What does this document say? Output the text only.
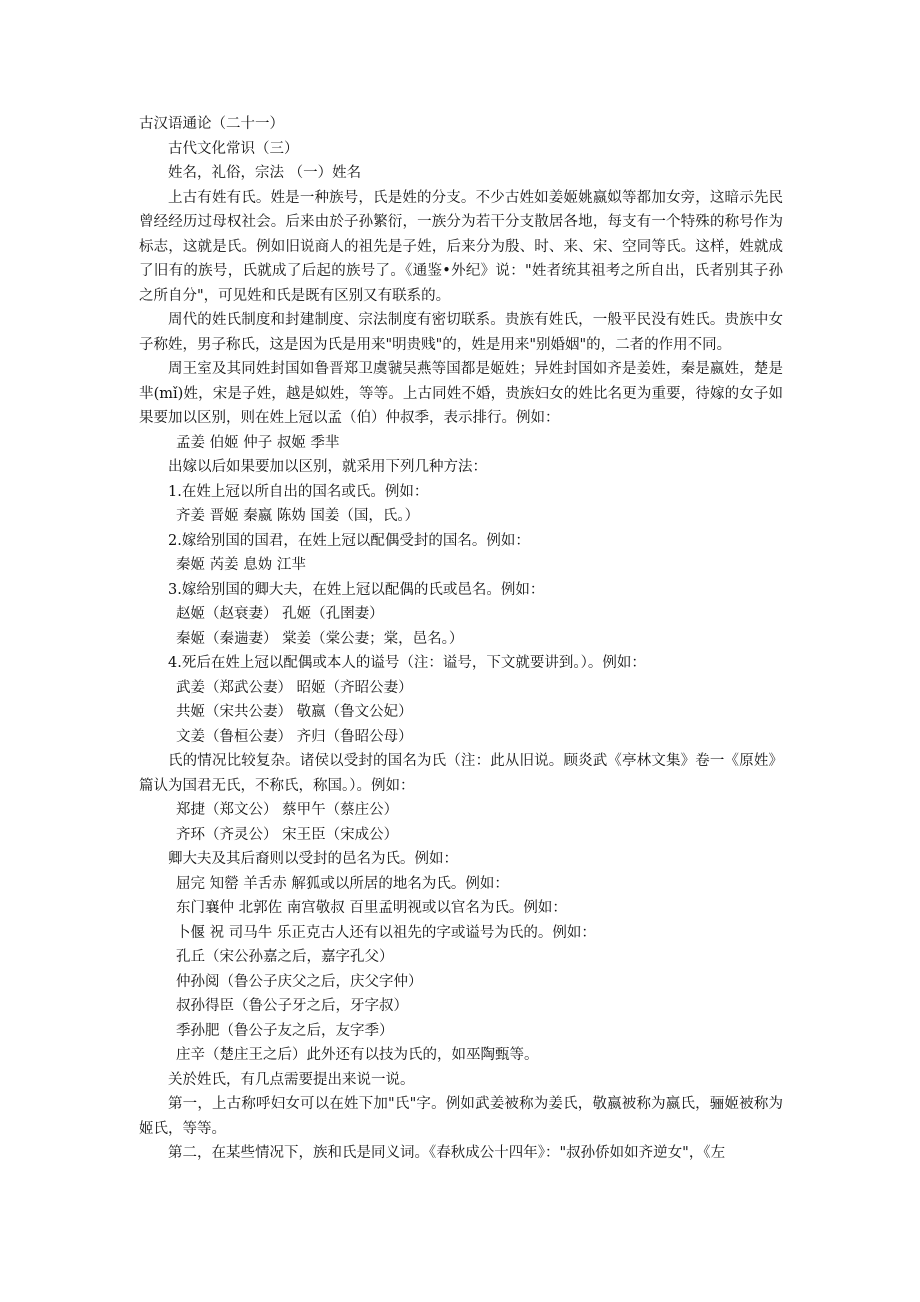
古汉语通论（二十一）
古代文化常识（三）
姓名，礼俗，宗法 （一）姓名
上古有姓有氏。姓是一种族号，氏是姓的分支。不少古姓如姜姬姚嬴姒等都加女旁，这暗示先民曾经经历过母权社会。后来由於子孙繁衍，一族分为若干分支散居各地，每支有一个特殊的称号作为标志，这就是氏。例如旧说商人的祖先是子姓，后来分为殷、时、来、宋、空同等氏。这样，姓就成了旧有的族号，氏就成了后起的族号了。《通鉴•外纪》说："姓者统其祖考之所自出，氏者别其子孙之所自分"，可见姓和氏是既有区别又有联系的。
周代的姓氏制度和封建制度、宗法制度有密切联系。贵族有姓氏，一般平民没有姓氏。贵族中女子称姓，男子称氏，这是因为氏是用来"明贵贱"的，姓是用来"别婚姻"的，二者的作用不同。
周王室及其同姓封国如鲁晋郑卫虞虢吴燕等国都是姬姓；异姓封国如齐是姜姓，秦是嬴姓，楚是芈(mǐ)姓，宋是子姓，越是姒姓，等等。上古同姓不婚，贵族妇女的姓比名更为重要，待嫁的女子如果要加以区别，则在姓上冠以孟（伯）仲叔季，表示排行。例如：
孟姜 伯姬 仲子 叔姬 季芈
出嫁以后如果要加以区别，就采用下列几种方法：
1.在姓上冠以所自出的国名或氏。例如：
齐姜 晋姬 秦嬴 陈妫 国姜（国，氏。）
2.嫁给别国的国君，在姓上冠以配偶受封的国名。例如：
秦姬 芮姜 息妫 江芈
3.嫁给别国的卿大夫，在姓上冠以配偶的氏或邑名。例如：
赵姬（赵衰妻） 孔姬（孔圉妻）
秦姬（秦遄妻） 棠姜（棠公妻；棠，邑名。）
4.死后在姓上冠以配偶或本人的谥号（注：谥号，下文就要讲到。）。例如：
武姜（郑武公妻） 昭姬（齐昭公妻）
共姬（宋共公妻） 敬嬴（鲁文公妃）
文姜（鲁桓公妻） 齐归（鲁昭公母）
氏的情况比较复杂。诸侯以受封的国名为氏（注：此从旧说。顾炎武《亭林文集》卷一《原姓》篇认为国君无氏，不称氏，称国。）。例如：
郑捷（郑文公） 蔡甲午（蔡庄公）
齐环（齐灵公） 宋王臣（宋成公）
卿大夫及其后裔则以受封的邑名为氏。例如：
屈完 知罃 羊舌赤 解狐或以所居的地名为氏。例如：
东门襄仲 北郭佐 南宫敬叔 百里孟明视或以官名为氏。例如：
卜偃 祝 司马牛 乐正克古人还有以祖先的字或谥号为氏的。例如：
孔丘（宋公孙嘉之后，嘉字孔父）
仲孙阅（鲁公子庆父之后，庆父字仲）
叔孙得臣（鲁公子牙之后，牙字叔）
季孙肥（鲁公子友之后，友字季）
庄辛（楚庄王之后）此外还有以技为氏的，如巫陶甄等。
关於姓氏，有几点需要提出来说一说。
第一，上古称呼妇女可以在姓下加"氏"字。例如武姜被称为姜氏，敬嬴被称为嬴氏，骊姬被称为姬氏，等等。
第二，在某些情况下，族和氏是同义词。《春秋成公十四年》："叔孙侨如如齐逆女"，《左
